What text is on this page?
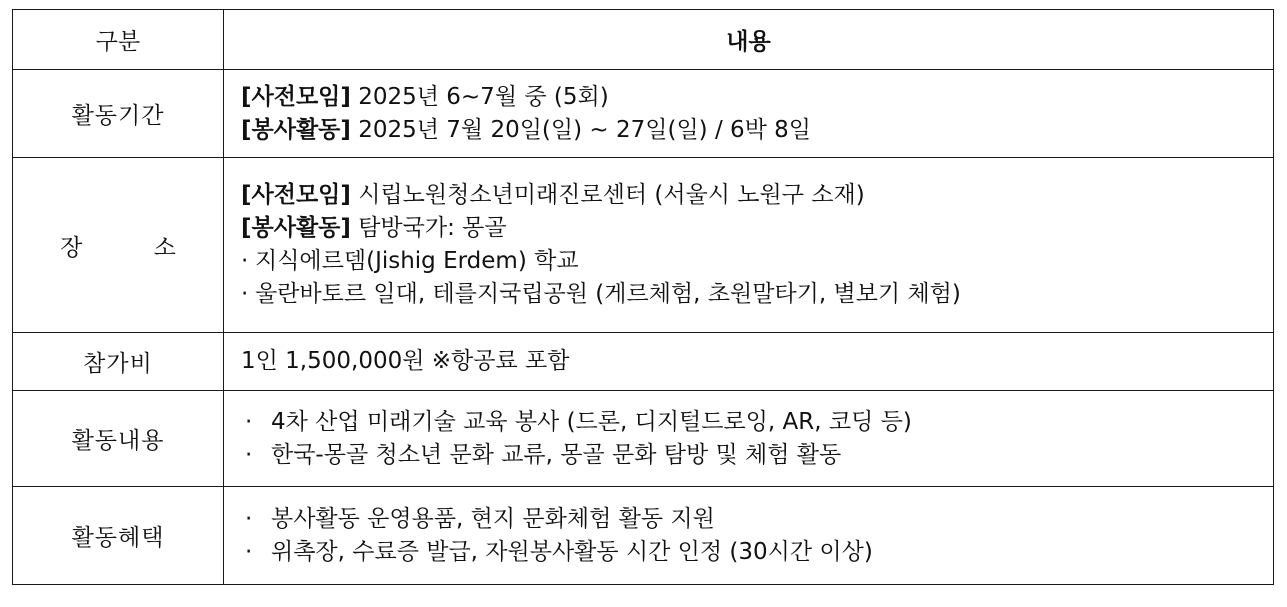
구분	내용
활동기간	[사전모임] 2025년 6~7월 중 (5회)
[봉사활동] 2025년 7월 20일(일) ~ 27일(일) / 6박 8일

장 소	[사전모임] 시립노원청소년미래진로센터 (서울시 노원구 소재)
[봉사활동] 탐방국가: 몽골
· 지식에르뎀(Jishig Erdem) 학교
· 울란바토르 일대, 테를지국립공원 (게르체험, 초원말타기, 별보기 체험)

참가비	1인 1,500,000원 ※항공료 포함

활동내용	· 4차 산업 미래기술 교육 봉사 (드론, 디지털드로잉, AR, 코딩 등)
· 한국-몽골 청소년 문화 교류, 몽골 문화 탐방 및 체험 활동

활동혜택	· 봉사활동 운영용품, 현지 문화체험 활동 지원
· 위촉장, 수료증 발급, 자원봉사활동 시간 인정 (30시간 이상)
